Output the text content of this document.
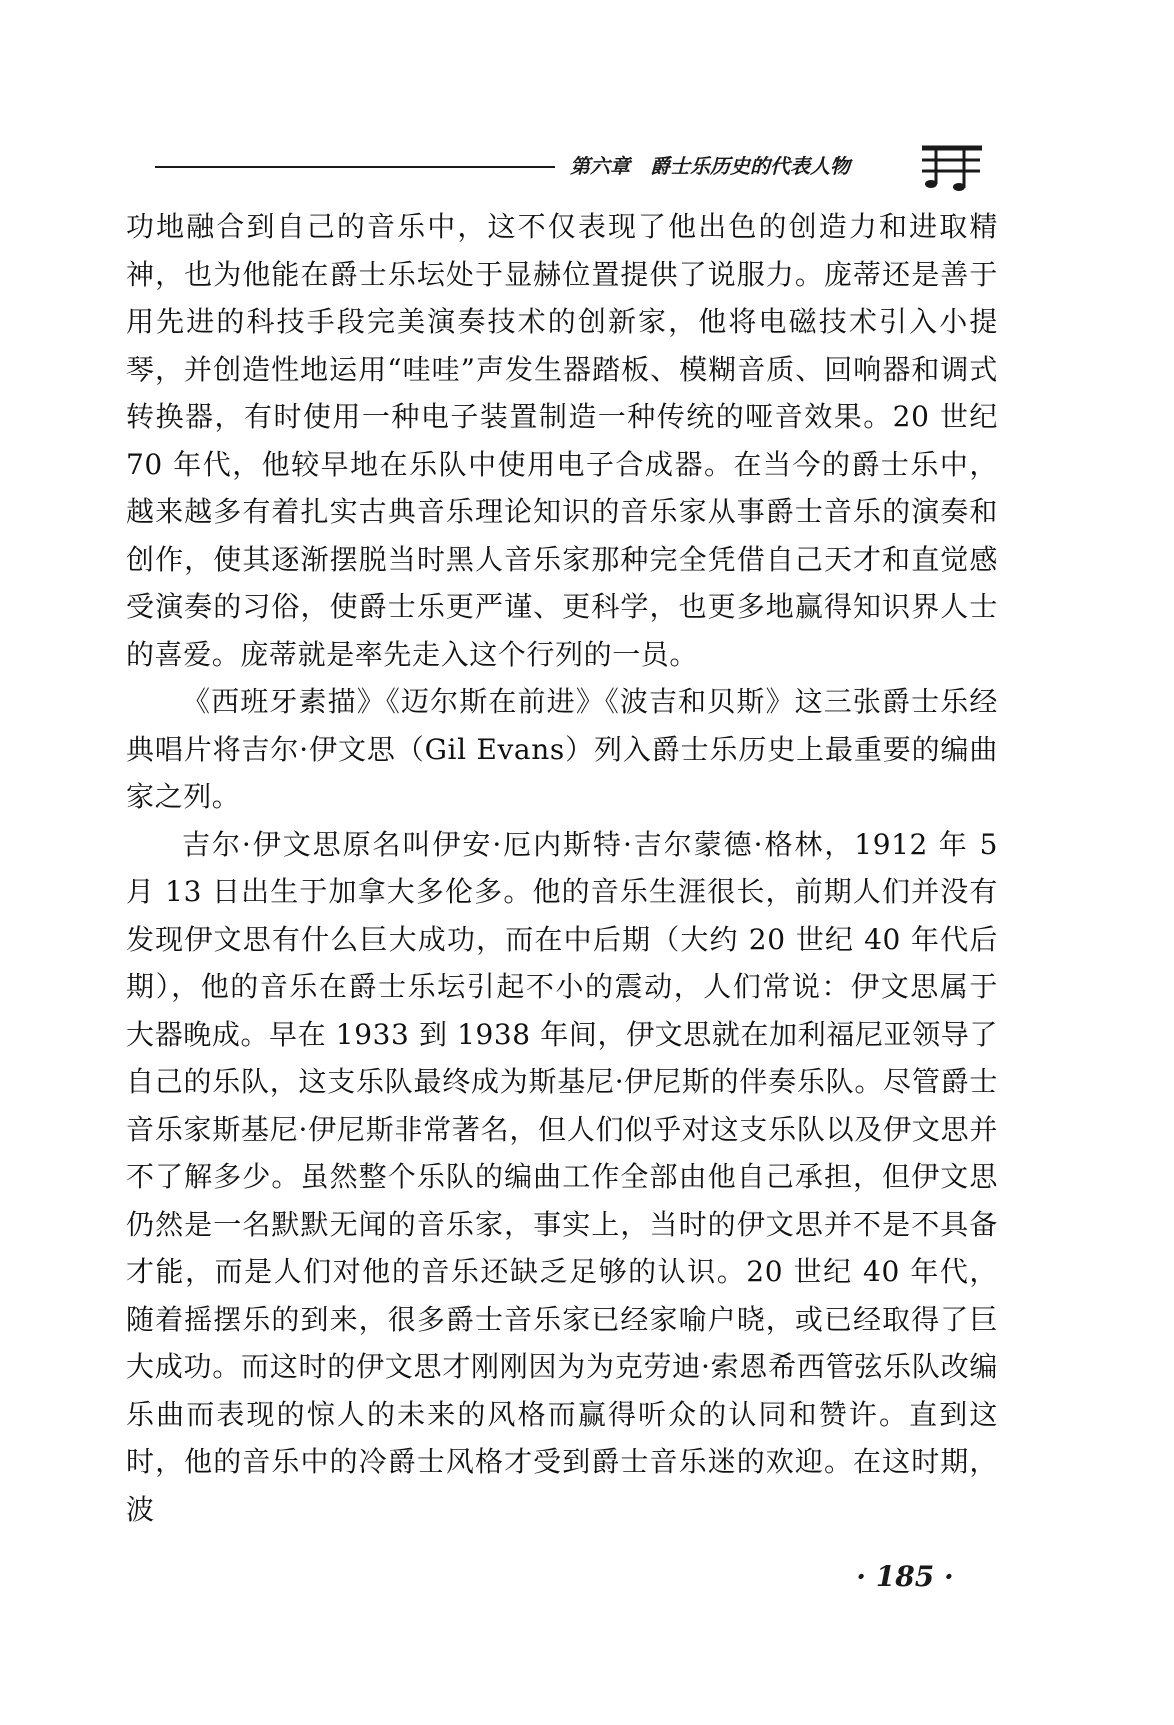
第六章　爵士乐历史的代表人物

功地融合到自己的音乐中，这不仅表现了他出色的创造力和进取精神，也为他能在爵士乐坛处于显赫位置提供了说服力。庞蒂还是善于用先进的科技手段完美演奏技术的创新家，他将电磁技术引入小提琴，并创造性地运用“哇哇”声发生器踏板、模糊音质、回响器和调式转换器，有时使用一种电子装置制造一种传统的哑音效果。20 世纪 70 年代，他较早地在乐队中使用电子合成器。在当今的爵士乐中，越来越多有着扎实古典音乐理论知识的音乐家从事爵士音乐的演奏和创作，使其逐渐摆脱当时黑人音乐家那种完全凭借自己天才和直觉感受演奏的习俗，使爵士乐更严谨、更科学，也更多地赢得知识界人士的喜爱。庞蒂就是率先走入这个行列的一员。

《西班牙素描》《迈尔斯在前进》《波吉和贝斯》这三张爵士乐经典唱片将吉尔·伊文思（Gil Evans）列入爵士乐历史上最重要的编曲家之列。

吉尔·伊文思原名叫伊安·厄内斯特·吉尔蒙德·格林，1912 年 5 月 13 日出生于加拿大多伦多。他的音乐生涯很长，前期人们并没有发现伊文思有什么巨大成功，而在中后期（大约 20 世纪 40 年代后期），他的音乐在爵士乐坛引起不小的震动，人们常说：伊文思属于大器晚成。早在 1933 到 1938 年间，伊文思就在加利福尼亚领导了自己的乐队，这支乐队最终成为斯基尼·伊尼斯的伴奏乐队。尽管爵士音乐家斯基尼·伊尼斯非常著名，但人们似乎对这支乐队以及伊文思并不了解多少。虽然整个乐队的编曲工作全部由他自己承担，但伊文思仍然是一名默默无闻的音乐家，事实上，当时的伊文思并不是不具备才能，而是人们对他的音乐还缺乏足够的认识。20 世纪 40 年代，随着摇摆乐的到来，很多爵士音乐家已经家喻户晓，或已经取得了巨大成功。而这时的伊文思才刚刚因为为克劳迪·索恩希西管弦乐队改编乐曲而表现的惊人的未来的风格而赢得听众的认同和赞许。直到这时，他的音乐中的冷爵士风格才受到爵士音乐迷的欢迎。在这时期，波

· 185 ·
